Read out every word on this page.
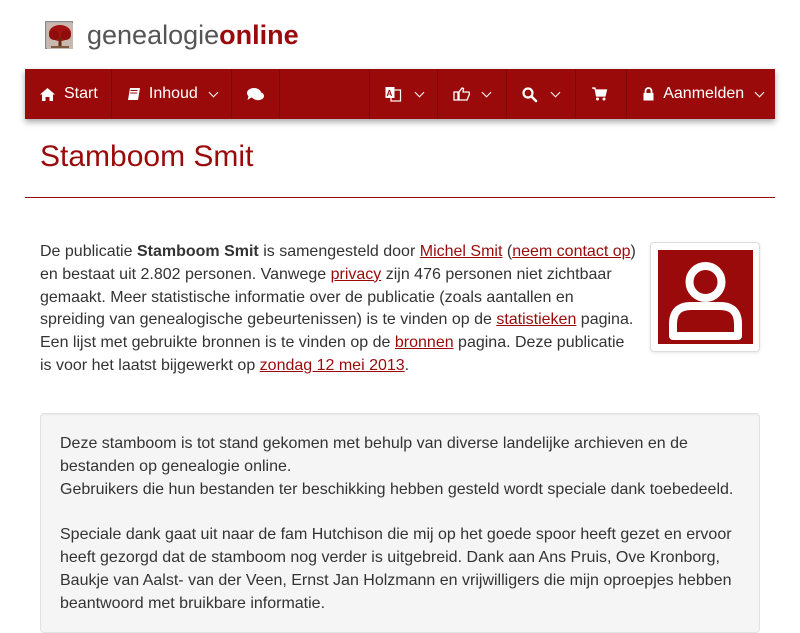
genealogieonline
Start	Inhoud	A	Aanmelden
Stamboom Smit

De publicatie Stamboom Smit is samengesteld door Michel Smit (neem contact op) en bestaat uit 2.802 personen. Vanwege privacy zijn 476 personen niet zichtbaar gemaakt. Meer statistische informatie over de publicatie (zoals aantallen en spreiding van genealogische gebeurtenissen) is te vinden op de statistieken pagina. Een lijst met gebruikte bronnen is te vinden op de bronnen pagina. Deze publicatie is voor het laatst bijgewerkt op zondag 12 mei 2013.

Deze stamboom is tot stand gekomen met behulp van diverse landelijke archieven en de bestanden op genealogie online.

Gebruikers die hun bestanden ter beschikking hebben gesteld wordt speciale dank toebedeeld.

Speciale dank gaat uit naar de fam Hutchison die mij op het goede spoor heeft gezet en ervoor heeft gezorgd dat de stamboom nog verder is uitgebreid. Dank aan Ans Pruis, Ove Kronborg, Baukje van Aalst- van der Veen, Ernst Jan Holzmann en vrijwilligers die mijn oproepjes hebben beantwoord met bruikbare informatie.
